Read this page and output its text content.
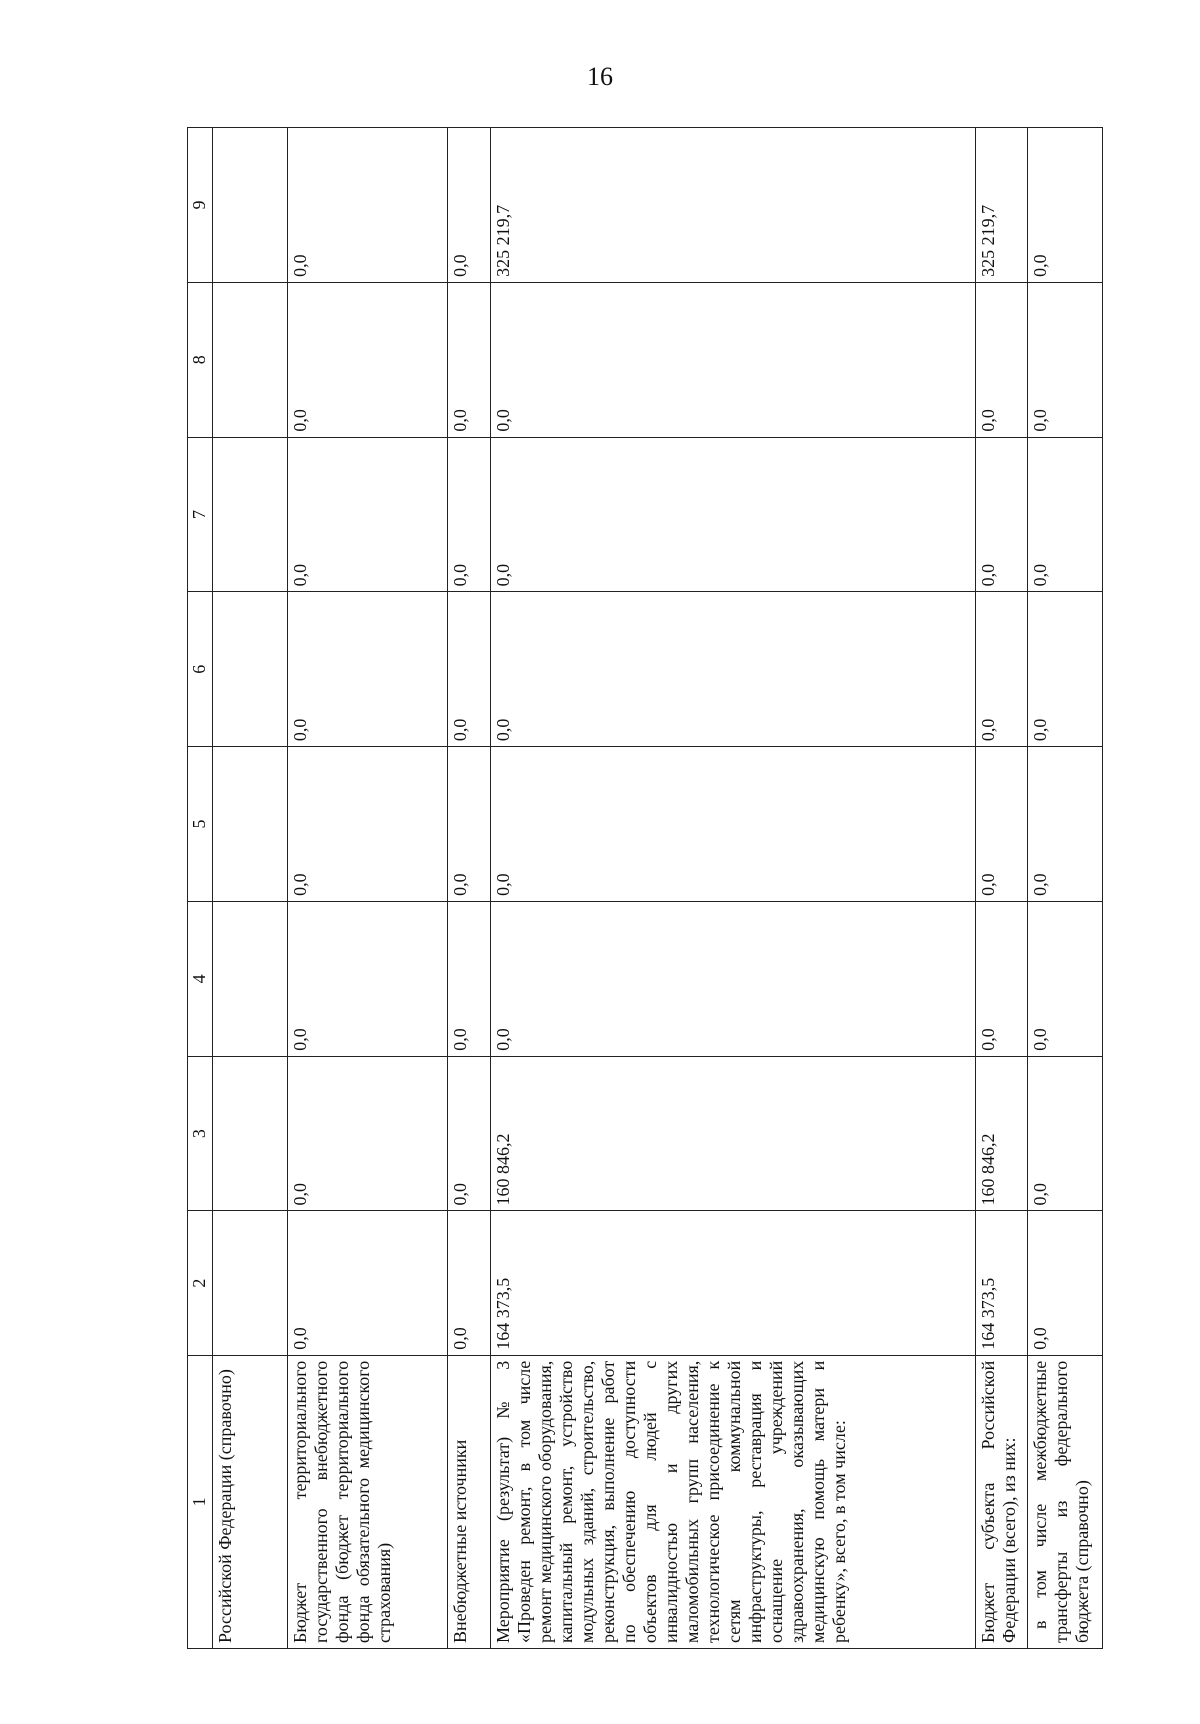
16
1	2	3	4	5	6	7	8	9

Российской Федерации (справочно)								

Бюджет территориального государственного внебюджетного фонда (бюджет территориального фонда обязательного медицинского страхования)	0,0	0,0	0,0	0,0	0,0	0,0	0,0	0,0

Внебюджетные источники	0,0	0,0	0,0	0,0	0,0	0,0	0,0	0,0

Мероприятие (результат) № 3 «Проведен ремонт, в том числе ремонт медицинского оборудования, капитальный ремонт, устройство модульных зданий, строительство, реконструкция, выполнение работ по обеспечению доступности объектов для людей с инвалидностью и других маломобильных групп населения, технологическое присоединение к сетям коммунальной инфраструктуры, реставрация и оснащение учреждений здравоохранения, оказывающих медицинскую помощь матери и ребенку», всего, в том числе:	164 373,5	160 846,2	0,0	0,0	0,0	0,0	0,0	325 219,7

Бюджет субъекта Российской Федерации (всего), из них:	164 373,5	160 846,2	0,0	0,0	0,0	0,0	0,0	325 219,7

в том числе межбюджетные трансферты из федерального бюджета (справочно)	0,0	0,0	0,0	0,0	0,0	0,0	0,0	0,0
